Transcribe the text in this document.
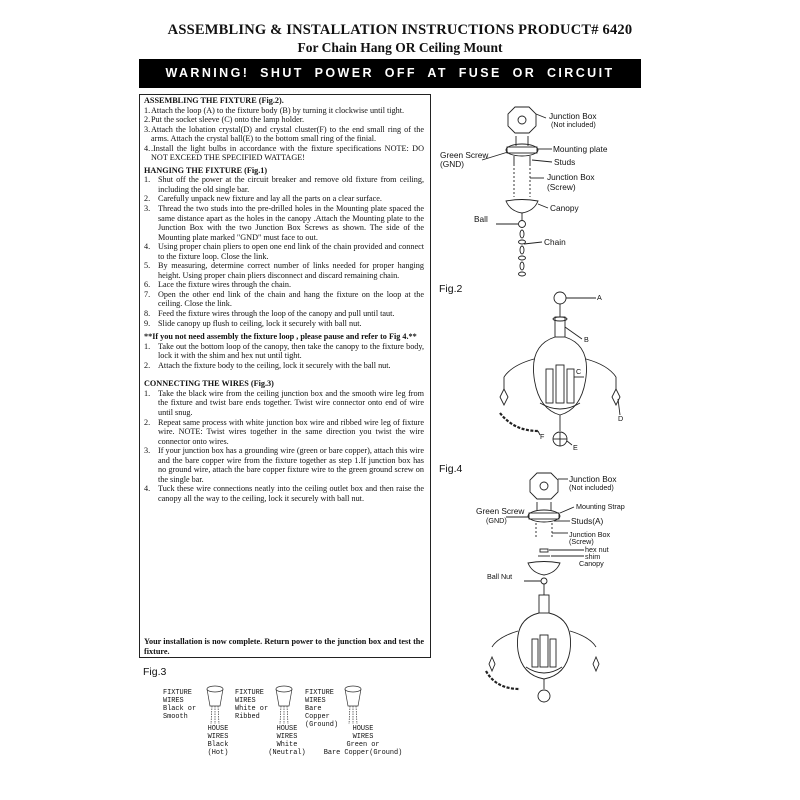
ASSEMBLING & INSTALLATION INSTRUCTIONS PRODUCT# 6420
For Chain Hang OR Ceiling Mount
WARNING! SHUT POWER OFF AT FUSE OR CIRCUIT BREAKER .

ASSEMBLING THE FIXTURE (Fig.2).

1. Attach the loop (A) to the fixture body (B) by turning it clockwise until tight.
2. Put the socket sleeve (C) onto the lamp holder.
3. Attach the lobation crystal(D) and crystal cluster(F) to the end small ring of the arms. Attach the crystal ball(E) to the bottom small ring of the finial.
4. .Install the light bulbs in accordance with the fixture specifications NOTE: DO NOT EXCEED THE SPECIFIED WATTAGE!

HANGING THE FIXTURE (Fig.1)

1. Shut off the power at the circuit breaker and remove old fixture from ceiling, including the old single bar.
2. Carefully unpack new fixture and lay all the parts on a clear surface.
3. Thread the two studs into the pre-drilled holes in the Mounting plate spaced the same distance apart as the holes in the canopy .Attach the Mounting plate to the Junction Box with the two Junction Box Screws as shown. The side of the Mounting plate marked "GND" must face to out.
4. Using proper chain pliers to open one end link of the chain provided and connect to the fixture loop. Close the link.
5. By measuring, determine correct number of links needed for proper hanging height. Using proper chain pliers disconnect and discard remaining chain.
6. Lace the fixture wires through the chain.
7. Open the other end link of the chain and hang the fixture on the loop at the ceiling. Close the link.
8. Feed the fixture wires through the loop of the canopy and pull until taut.
9. Slide canopy up flush to ceiling, lock it securely with ball nut.

**If you not need assembly the fixture loop , please pause and refer to Fig 4.**

1. Take out the bottom loop of the canopy, then take the canopy to the fixture body, lock it with the shim and hex nut until tight.
2. Attach the fixture body to the ceiling, lock it securely with the ball nut.

CONNECTING THE WIRES (Fig.3)

1. Take the black wire from the ceiling junction box and the smooth wire leg from the fixture and twist bare ends together. Twist wire connector onto end of wire until snug.
2. Repeat same process with white junction box wire and ribbed wire leg of fixture wire. NOTE: Twist wires together in the same direction you twist the wire connector onto wires.
3. If your junction box has a grounding wire (green or bare copper), attach this wire and the bare copper wire from the fixture together as step 1.If junction box has no ground wire, attach the bare copper fixture wire to the green ground screw on the single bar.
4. Tuck these wire connections neatly into the ceiling outlet box and then raise the canopy all the way to the ceiling, lock it securely with ball nut.

Your installation is now complete. Return power to the junction box and test the fixture.

Junction Box
(Not included)
Mounting plate
Green Screw
(GND)	Studs
Junction Box
(Screw)
Canopy
Ball
Chain
Fig.2
A
B
C
D
E
F
Fig.4
Junction Box
(Not included)
Mounting Strap
Green Screw
(GND)	Studs(A)
Junction Box
(Screw)
hex nut
shim
Canopy
Ball Nut
Fig.3
FIXTURE
WIRES
Black or
Smooth
HOUSE
WIRES
Black
(Hot)
FIXTURE
WIRES
White or
Ribbed
HOUSE
WIRES
White
(Neutral)
FIXTURE
WIRES
Bare
Copper
(Ground)	HOUSE
WIRES
Green or
Bare Copper(Ground)
